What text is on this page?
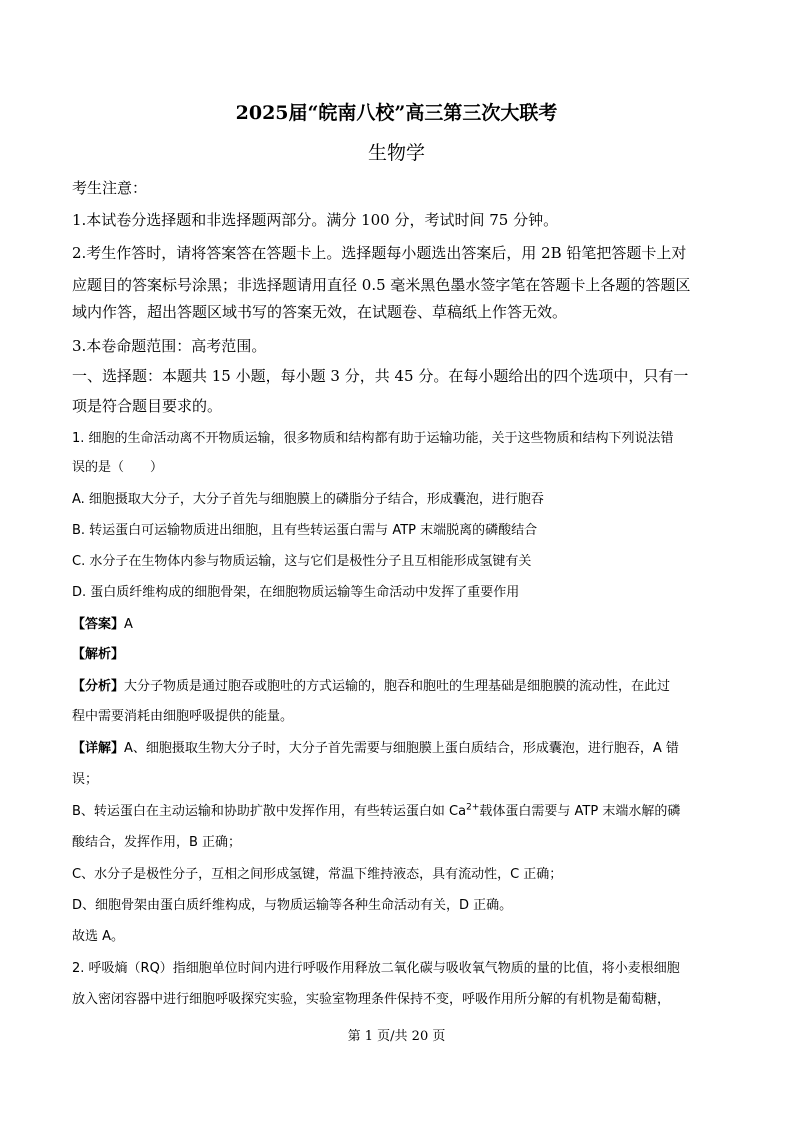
2025届“皖南八校”高三第三次大联考
生物学
考生注意：
1.本试卷分选择题和非选择题两部分。满分 100 分，考试时间 75 分钟。
2.考生作答时，请将答案答在答题卡上。选择题每小题选出答案后，用 2B 铅笔把答题卡上对
应题目的答案标号涂黑；非选择题请用直径 0.5 毫米黑色墨水签字笔在答题卡上各题的答题区
域内作答，超出答题区域书写的答案无效，在试题卷、草稿纸上作答无效。
3.本卷命题范围：高考范围。
一、选择题：本题共 15 小题，每小题 3 分，共 45 分。在每小题给出的四个选项中，只有一
项是符合题目要求的。
1. 细胞的生命活动离不开物质运输，很多物质和结构都有助于运输功能，关于这些物质和结构下列说法错
误的是（　　）
A. 细胞摄取大分子，大分子首先与细胞膜上的磷脂分子结合，形成囊泡，进行胞吞
B. 转运蛋白可运输物质进出细胞，且有些转运蛋白需与 ATP 末端脱离的磷酸结合
C. 水分子在生物体内参与物质运输，这与它们是极性分子且互相能形成氢键有关
D. 蛋白质纤维构成的细胞骨架，在细胞物质运输等生命活动中发挥了重要作用
【答案】A
【解析】
【分析】大分子物质是通过胞吞或胞吐的方式运输的，胞吞和胞吐的生理基础是细胞膜的流动性，在此过
程中需要消耗由细胞呼吸提供的能量。
【详解】A、细胞摄取生物大分子时，大分子首先需要与细胞膜上蛋白质结合，形成囊泡，进行胞吞，A 错
误；
B、转运蛋白在主动运输和协助扩散中发挥作用，有些转运蛋白如 $Ca^{2+}$载体蛋白需要与 ATP 末端水解的磷
酸结合，发挥作用，B 正确；
C、水分子是极性分子，互相之间形成氢键，常温下维持液态，具有流动性，C 正确；
D、细胞骨架由蛋白质纤维构成，与物质运输等各种生命活动有关，D 正确。
故选 A。
2. 呼吸熵（RQ）指细胞单位时间内进行呼吸作用释放二氧化碳与吸收氧气物质的量的比值，将小麦根细胞
放入密闭容器中进行细胞呼吸探究实验，实验室物理条件保持不变，呼吸作用所分解的有机物是葡萄糖，
第 1 页/共 20 页
